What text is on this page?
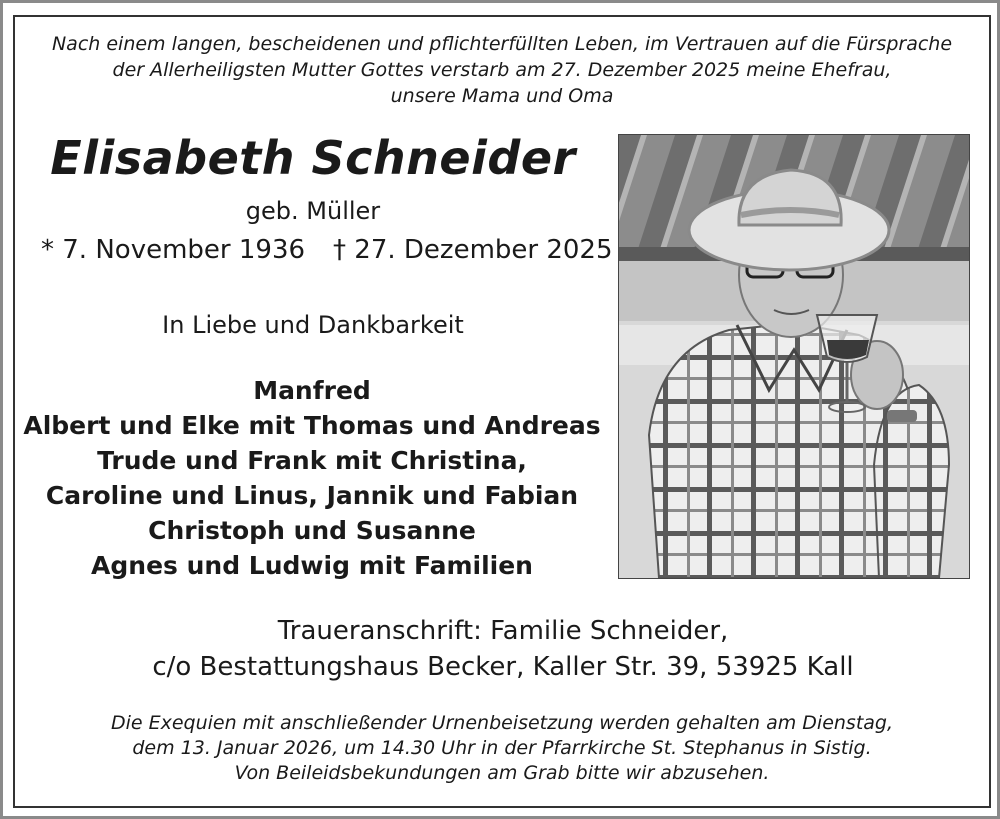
Nach einem langen, bescheidenen und pflichterfüllten Leben, im Vertrauen auf die Fürsprache
der Allerheiligsten Mutter Gottes verstarb am 27. Dezember 2025 meine Ehefrau,
unsere Mama und Oma
Elisabeth Schneider
geb. Müller
* 7. November 1936 † 27. Dezember 2025
In Liebe und Dankbarkeit
Manfred
Albert und Elke mit Thomas und Andreas
Trude und Frank mit Christina,
Caroline und Linus, Jannik und Fabian
Christoph und Susanne
Agnes und Ludwig mit Familien
Traueranschrift: Familie Schneider,
c/o Bestattungshaus Becker, Kaller Str. 39, 53925 Kall
Die Exequien mit anschließender Urnenbeisetzung werden gehalten am Dienstag,
dem 13. Januar 2026, um 14.30 Uhr in der Pfarrkirche St. Stephanus in Sistig.
Von Beileidsbekundungen am Grab bitte wir abzusehen.
